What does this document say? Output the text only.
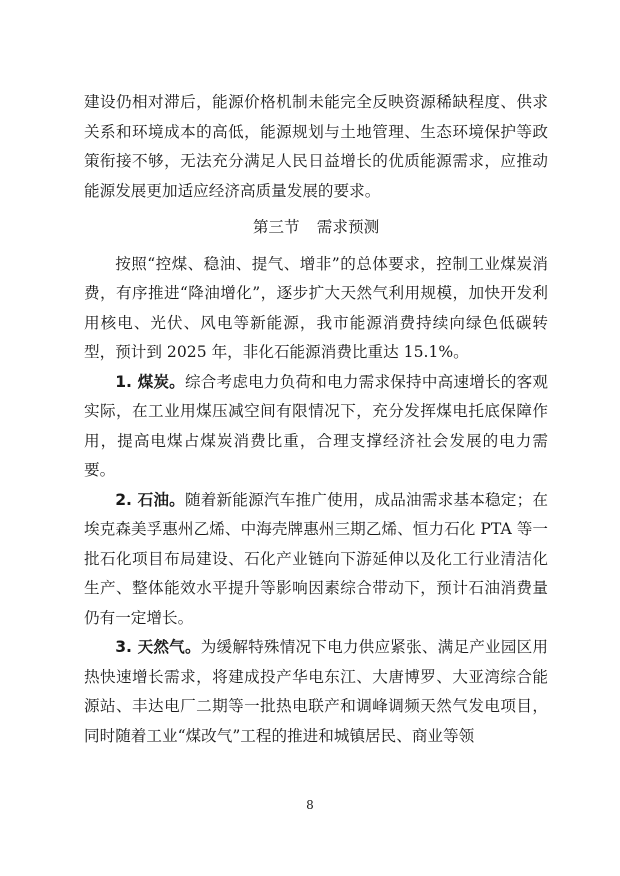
建设仍相对滞后，能源价格机制未能完全反映资源稀缺程度、供求关系和环境成本的高低，能源规划与土地管理、生态环境保护等政策衔接不够，无法充分满足人民日益增长的优质能源需求，应推动能源发展更加适应经济高质量发展的要求。

第三节 需求预测

按照“控煤、稳油、提气、增非”的总体要求，控制工业煤炭消费，有序推进“降油增化”，逐步扩大天然气利用规模，加快开发利用核电、光伏、风电等新能源，我市能源消费持续向绿色低碳转型，预计到 2025 年，非化石能源消费比重达 15.1%。

1. 煤炭。综合考虑电力负荷和电力需求保持中高速增长的客观实际，在工业用煤压减空间有限情况下，充分发挥煤电托底保障作用，提高电煤占煤炭消费比重，合理支撑经济社会发展的电力需要。

2. 石油。随着新能源汽车推广使用，成品油需求基本稳定；在埃克森美孚惠州乙烯、中海壳牌惠州三期乙烯、恒力石化 PTA 等一批石化项目布局建设、石化产业链向下游延伸以及化工行业清洁化生产、整体能效水平提升等影响因素综合带动下，预计石油消费量仍有一定增长。

3. 天然气。为缓解特殊情况下电力供应紧张、满足产业园区用热快速增长需求，将建成投产华电东江、大唐博罗、大亚湾综合能源站、丰达电厂二期等一批热电联产和调峰调频天然气发电项目，同时随着工业“煤改气”工程的推进和城镇居民、商业等领

8
